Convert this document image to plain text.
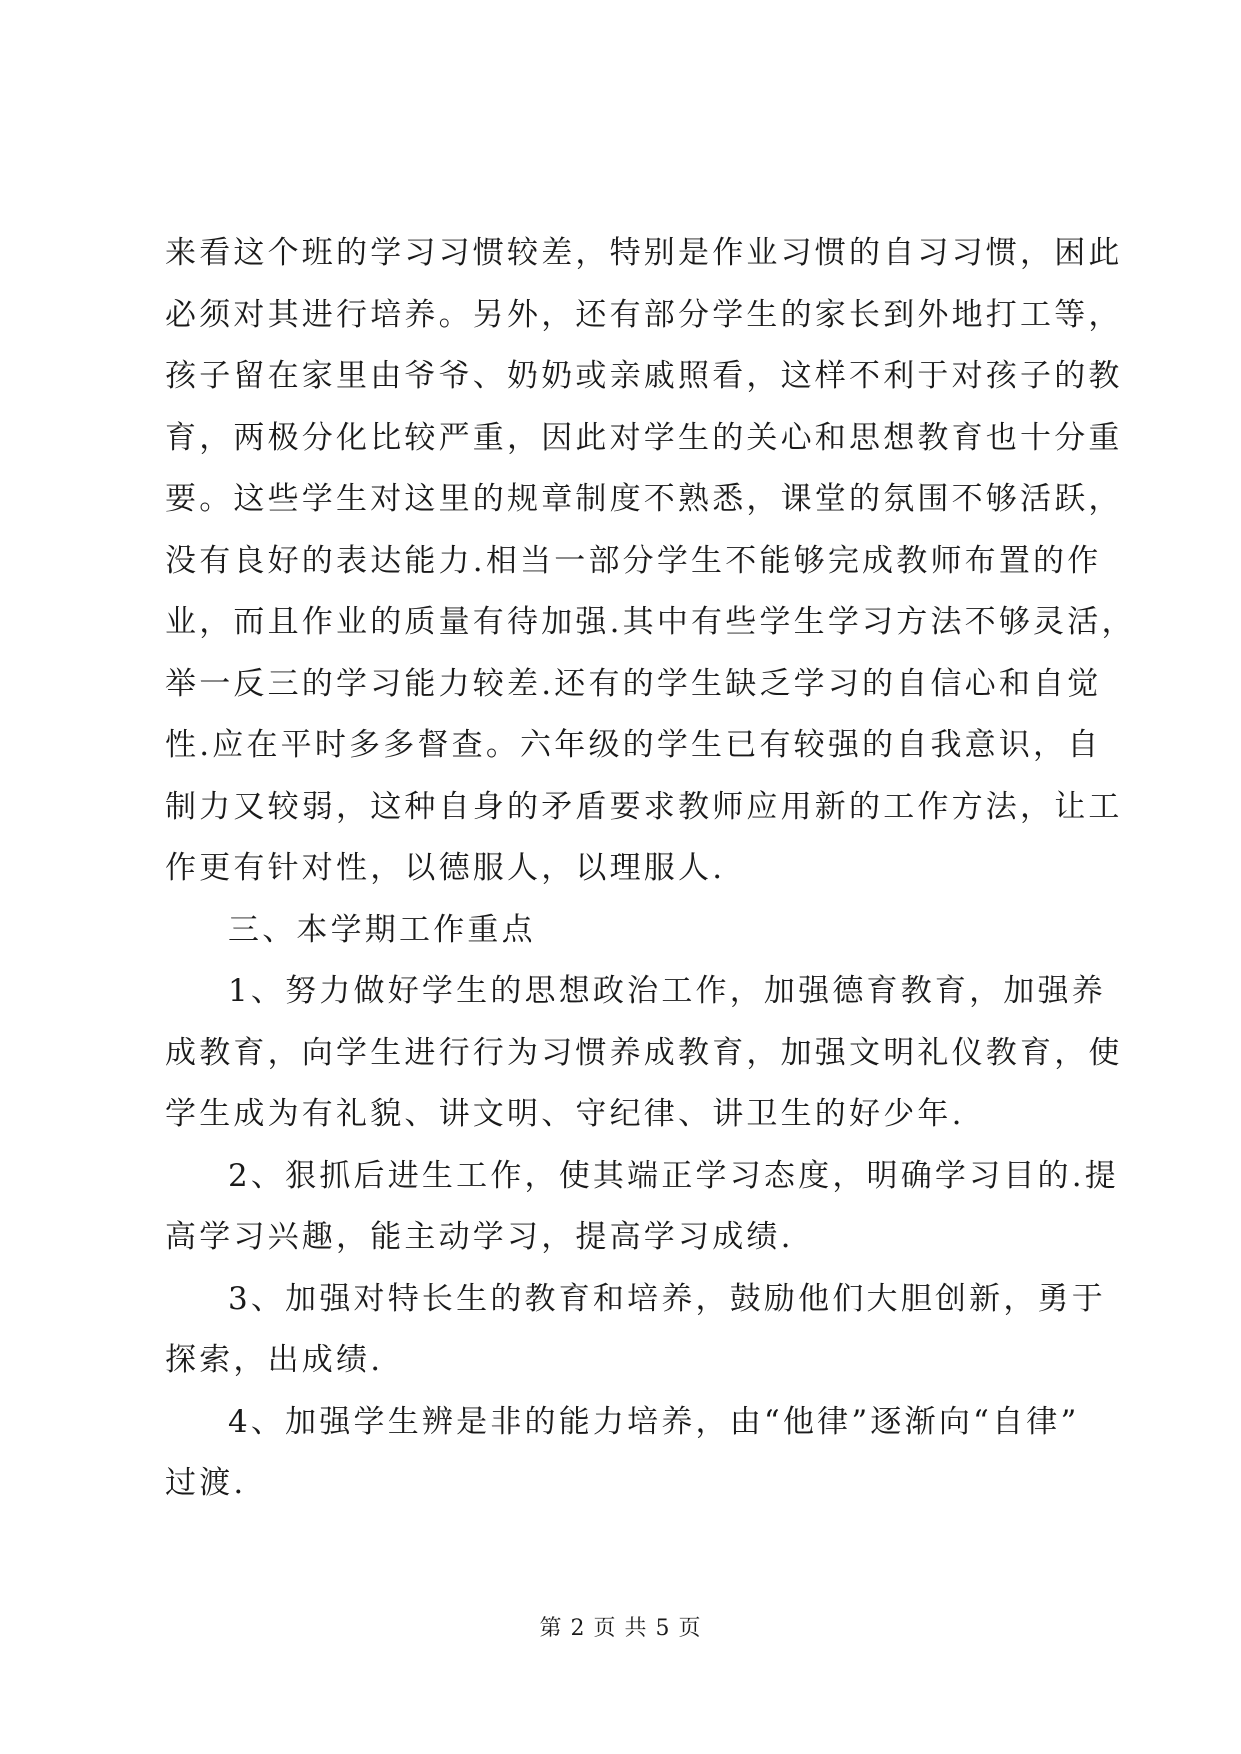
来看这个班的学习习惯较差，特别是作业习惯的自习习惯，困此
必须对其进行培养。另外，还有部分学生的家长到外地打工等，
孩子留在家里由爷爷、奶奶或亲戚照看，这样不利于对孩子的教
育，两极分化比较严重，因此对学生的关心和思想教育也十分重
要。这些学生对这里的规章制度不熟悉，课堂的氛围不够活跃，
没有良好的表达能力.相当一部分学生不能够完成教师布置的作
业，而且作业的质量有待加强.其中有些学生学习方法不够灵活，
举一反三的学习能力较差.还有的学生缺乏学习的自信心和自觉
性.应在平时多多督查。六年级的学生已有较强的自我意识，自
制力又较弱，这种自身的矛盾要求教师应用新的工作方法，让工
作更有针对性，以德服人，以理服人.
三、本学期工作重点
1、努力做好学生的思想政治工作，加强德育教育，加强养
成教育，向学生进行行为习惯养成教育，加强文明礼仪教育，使
学生成为有礼貌、讲文明、守纪律、讲卫生的好少年.
2、狠抓后进生工作，使其端正学习态度，明确学习目的.提
高学习兴趣，能主动学习，提高学习成绩.
3、加强对特长生的教育和培养，鼓励他们大胆创新，勇于
探索，出成绩.
4、加强学生辨是非的能力培养，由“他律”逐渐向“自律”
过渡.
第 2 页 共 5 页
